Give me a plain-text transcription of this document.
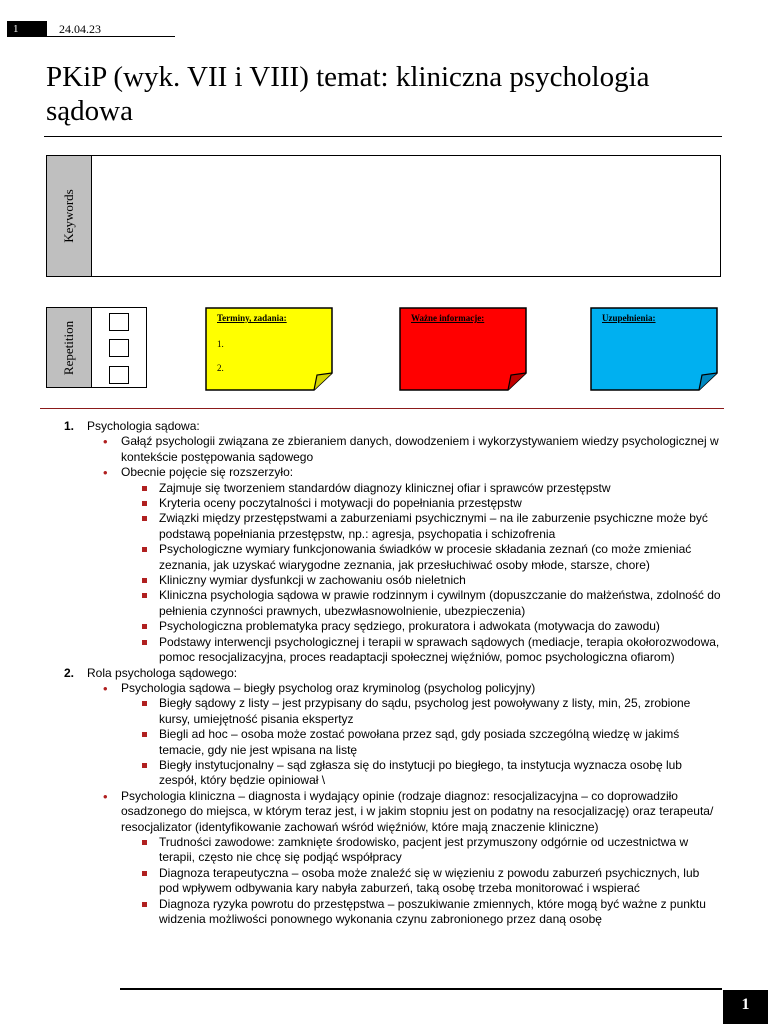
1	24.04.23
PKiP (wyk. VII i VIII) temat: kliniczna psychologia sądowa
Keywords
Repetition
Terminy, zadania:
1.
2.
Ważne informacje:	Uzupełnienia:
1. Psychologia sądowa:
• Gałąź psychologii związana ze zbieraniem danych, dowodzeniem i wykorzystywaniem wiedzy psychologicznej w kontekście postępowania sądowego
• Obecnie pojęcie się rozszerzyło:
Zajmuje się tworzeniem standardów diagnozy klinicznej ofiar i sprawców przestępstw
Kryteria oceny poczytalności i motywacji do popełniania przestępstw
Związki między przestępstwami a zaburzeniami psychicznymi – na ile zaburzenie psychiczne może być podstawą popełniania przestępstw, np.: agresja, psychopatia i schizofrenia
Psychologiczne wymiary funkcjonowania świadków w procesie składania zeznań (co może zmieniać zeznania, jak uzyskać wiarygodne zeznania, jak przesłuchiwać osoby młode, starsze, chore)
Kliniczny wymiar dysfunkcji w zachowaniu osób nieletnich
Kliniczna psychologia sądowa w prawie rodzinnym i cywilnym (dopuszczanie do małżeństwa, zdolność do pełnienia czynności prawnych, ubezwłasnowolnienie, ubezpieczenia)
Psychologiczna problematyka pracy sędziego, prokuratora i adwokata (motywacja do zawodu)
Podstawy interwencji psychologicznej i terapii w sprawach sądowych (mediacje, terapia okołorozwodowa, pomoc resocjalizacyjna, proces readaptacji społecznej więźniów, pomoc psychologiczna ofiarom)
2. Rola psychologa sądowego:
• Psychologia sądowa – biegły psycholog oraz kryminolog (psycholog policyjny)
Biegły sądowy z listy – jest przypisany do sądu, psycholog jest powoływany z listy, min, 25, zrobione kursy, umiejętność pisania ekspertyz
Biegli ad hoc – osoba może zostać powołana przez sąd, gdy posiada szczególną wiedzę w jakimś temacie, gdy nie jest wpisana na listę
Biegły instytucjonalny – sąd zgłasza się do instytucji po biegłego, ta instytucja wyznacza osobę lub zespół, który będzie opiniował \
• Psychologia kliniczna – diagnosta i wydający opinie (rodzaje diagnoz: resocjalizacyjna – co doprowadziło osadzonego do miejsca, w którym teraz jest, i w jakim stopniu jest on podatny na resocjalizację) oraz terapeuta/ resocjalizator (identyfikowanie zachowań wśród więźniów, które mają znaczenie kliniczne)
Trudności zawodowe: zamknięte środowisko, pacjent jest przymuszony odgórnie od uczestnictwa w terapii, często nie chcę się podjąć współpracy
Diagnoza terapeutyczna – osoba może znaleźć się w więzieniu z powodu zaburzeń psychicznych, lub pod wpływem odbywania kary nabyła zaburzeń, taką osobę trzeba monitorować i wspierać
Diagnoza ryzyka powrotu do przestępstwa – poszukiwanie zmiennych, które mogą być ważne z punktu widzenia możliwości ponownego wykonania czynu zabronionego przez daną osobę
1
